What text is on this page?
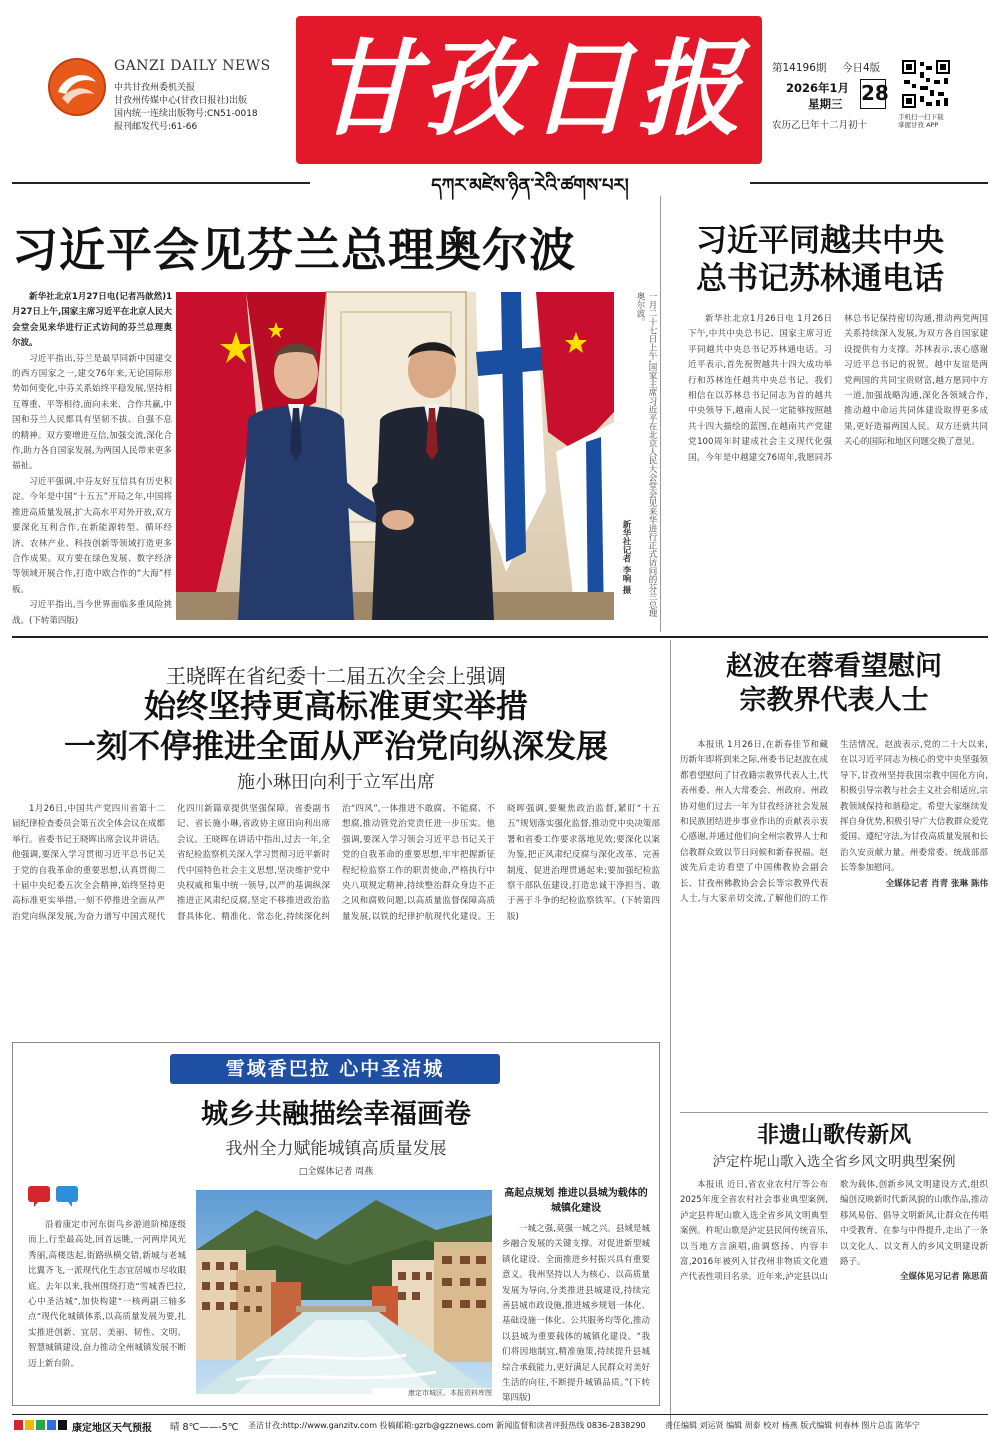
GANZI DAILY NEWS
中共甘孜州委机关报
甘孜州传媒中心(甘孜日报社)出版
国内统一连续出版物号:CN51-0018
报刊邮发代号:61-66 甘孜日报	第14196期 今日4版
2026年1月
星期三 28
农历乙巳年十二月初十
手机扫一扫下载
掌握甘孜 APP
དཀར་མཛེས་ཉིན་རེའི་ཚགས་པར།
习近平会见芬兰总理奥尔波

新华社北京1月27日电(记者冯歆然)1月27日上午,国家主席习近平在北京人民大会堂会见来华进行正式访问的芬兰总理奥尔波。

习近平指出,芬兰是最早同新中国建交的西方国家之一,建交76年来,无论国际形势如何变化,中芬关系始终平稳发展,坚持相互尊重、平等相待,面向未来、合作共赢,中国和芬兰人民都具有坚韧不拔、自强不息的精神。双方要增进互信,加强交流,深化合作,助力各自国家发展,为两国人民带来更多福祉。

习近平强调,中芬友好互信具有历史积淀。今年是中国“十五五”开局之年,中国将推进高质量发展,扩大高水平对外开放,双方要深化互利合作,在新能源转型、循环经济、农林产业、科技创新等领域打造更多合作成果。双方要在绿色发展、数字经济等领域开展合作,打造中欧合作的“大海”样板。

习近平指出,当今世界面临多重风险挑战。(下转第四版)

一月二十七日上午,国家主席习近平在北京人民大会堂会见来华进行正式访问的芬兰总理奥尔波。
新华社记者 李响 摄
习近平同越共中央
总书记苏林通电话

新华社北京1月26日电 1月26日下午,中共中央总书记、国家主席习近平同越共中央总书记苏林通电话。习近平表示,首先祝贺越共十四大成功举行和苏林连任越共中央总书记。我们相信在以苏林总书记同志为首的越共中央领导下,越南人民一定能够按照越共十四大描绘的蓝图,在越南共产党建党100周年时建成社会主义现代化强国。今年是中越建交76周年,我愿同苏林总书记保持密切沟通,推动两党两国关系持续深入发展,为双方各自国家建设提供有力支撑。苏林表示,衷心感谢习近平总书记的祝贺。越中友谊是两党两国的共同宝贵财富,越方愿同中方一道,加强战略沟通,深化各领域合作,推动越中命运共同体建设取得更多成果,更好造福两国人民。双方还就共同关心的国际和地区问题交换了意见。

王晓晖在省纪委十二届五次全会上强调
始终坚持更高标准更实举措
一刻不停推进全面从严治党向纵深发展
施小琳田向利于立军出席

1月26日,中国共产党四川省第十二届纪律检查委员会第五次全体会议在成都举行。省委书记王晓晖出席会议并讲话。他强调,要深入学习贯彻习近平总书记关于党的自我革命的重要思想,认真贯彻二十届中央纪委五次全会精神,始终坚持更高标准更实举措,一刻不停推进全面从严治党向纵深发展,为奋力谱写中国式现代化四川新篇章提供坚强保障。省委副书记、省长施小琳,省政协主席田向利出席会议。王晓晖在讲话中指出,过去一年,全省纪检监察机关深入学习贯彻习近平新时代中国特色社会主义思想,坚决维护党中央权威和集中统一领导,以严的基调纵深推进正风肃纪反腐,坚定不移推进政治监督具体化、精准化、常态化,持续深化纠治“四风”,一体推进不敢腐、不能腐、不想腐,推动管党治党责任进一步压实。他强调,要深入学习领会习近平总书记关于党的自我革命的重要思想,牢牢把握新征程纪检监察工作的职责使命,严格执行中央八项规定精神,持续整治群众身边不正之风和腐败问题,以高质量监督保障高质量发展,以铁的纪律护航现代化建设。王晓晖强调,要聚焦政治监督,紧盯“十五五”规划落实强化监督,推动党中央决策部署和省委工作要求落地见效;要深化以案为鉴,把正风肃纪反腐与深化改革、完善制度、促进治理贯通起来;要加强纪检监察干部队伍建设,打造忠诚干净担当、敢于善于斗争的纪检监察铁军。(下转第四版)

赵波在蓉看望慰问
宗教界代表人士

本报讯 1月26日,在新春佳节和藏历新年即将到来之际,州委书记赵波在成都看望慰问了甘孜籍宗教界代表人士,代表州委、州人大常委会、州政府、州政协对他们过去一年为甘孜经济社会发展和民族团结进步事业作出的贡献表示衷心感谢,并通过他们向全州宗教界人士和信教群众致以节日问候和新春祝福。赵波先后走访看望了中国佛教协会副会长、甘孜州佛教协会会长等宗教界代表人士,与大家亲切交流,了解他们的工作生活情况。赵波表示,党的二十大以来,在以习近平同志为核心的党中央坚强领导下,甘孜州坚持我国宗教中国化方向,积极引导宗教与社会主义社会相适应,宗教领域保持和谐稳定。希望大家继续发挥自身优势,积极引导广大信教群众爱党爱国、遵纪守法,为甘孜高质量发展和长治久安贡献力量。州委常委、统战部部长等参加慰问。

全媒体记者 肖青 张琳 陈伟

非遗山歌传新风
泸定杵坭山歌入选全省乡风文明典型案例

本报讯 近日,省农业农村厅等公布2025年度全省农村社会事业典型案例,泸定县杵坭山歌入选全省乡风文明典型案例。杵坭山歌是泸定县民间传统音乐,以当地方言演唱,曲调悠扬、内容丰富,2016年被列入甘孜州非物质文化遗产代表性项目名录。近年来,泸定县以山歌为载体,创新乡风文明建设方式,组织编创反映新时代新风貌的山歌作品,推动移风易俗、倡导文明新风,让群众在传唱中受教育、在参与中得提升,走出了一条以文化人、以文育人的乡风文明建设新路子。

全媒体见习记者 陈思苗

雪域香巴拉 心中圣洁城
城乡共融描绘幸福画卷
我州全力赋能城镇高质量发展
□全媒体记者 周燕

沿着康定市河东街鸟乡游道阶梯逐级而上,行至最高处,回首远眺,一河两岸风光秀丽,高楼迭起,街路纵横交错,新城与老城比翼齐飞,一派现代化生态宜居城市尽收眼底。去年以来,我州围绕打造“雪城香巴拉,心中圣洁城”,加快构建“一核两副三轴多点”现代化城镇体系,以高质量发展为要,扎实推进创新、宜居、美丽、韧性、文明、智慧城镇建设,奋力推动全州城镇发展不断迈上新台阶。

康定市城区。本报资料库图
高起点规划 推进以县城为载体的城镇化建设

一城之强,莫强一城之兴。县域是城乡融合发展的关键支撑。对促进新型城镇化建设、全面推进乡村振兴具有重要意义。我州坚持以人为核心、以高质量发展为导向,分类推进县城建设,持续完善县城市政设施,推进城乡规划一体化、基础设施一体化、公共服务均等化,推动以县城为重要载体的城镇化建设。“我们将因地制宜,精准施策,持续提升县城综合承载能力,更好满足人民群众对美好生活的向往,不断提升城镇品质。”(下转第四版)

康定地区天气预报 晴 8℃——-5℃ 圣洁甘孜:http://www.ganzitv.com 投稿邮箱:gzrb@gzznews.com 新闻监督和读者评报热线 0836-2838290 责任编辑 刘运贤 编辑 周泰 校对 杨燕 版式编辑 何春林 图片总监 陈华宁
